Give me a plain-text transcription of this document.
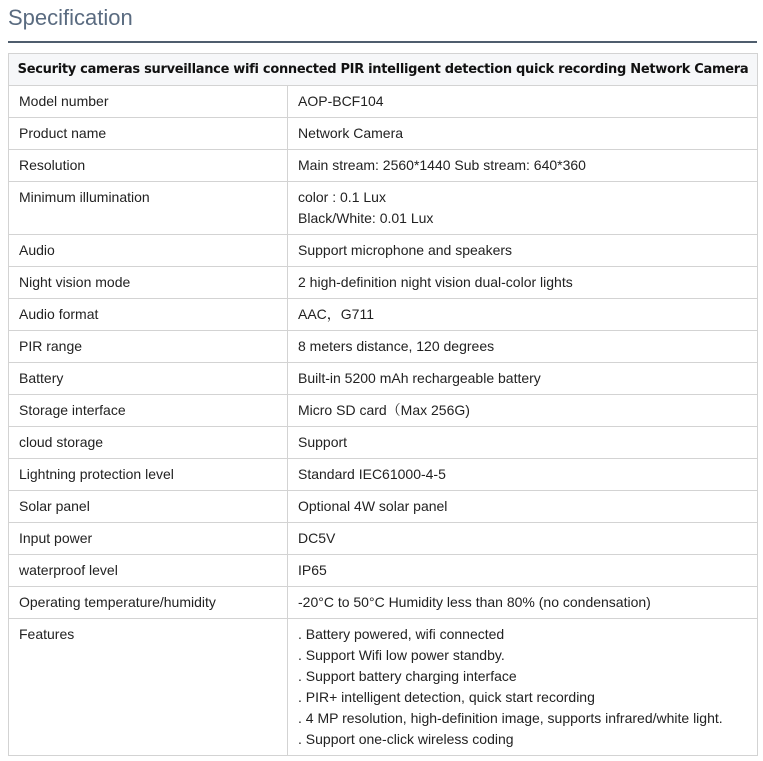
Specification
Security cameras surveillance wifi connected PIR intelligent detection quick recording Network Camera	
Model number	AOP-BCF104

Product name	Network Camera

Resolution	Main stream: 2560*1440 Sub stream: 640*360

Minimum illumination	color : 0.1 Lux
Black/White: 0.01 Lux

Audio	Support microphone and speakers

Night vision mode	2 high-definition night vision dual-color lights

Audio format	AAC，G711

PIR range	8 meters distance, 120 degrees

Battery	Built-in 5200 mAh rechargeable battery

Storage interface	Micro SD card（Max 256G)

cloud storage	Support

Lightning protection level	Standard IEC61000-4-5

Solar panel	Optional 4W solar panel

Input power	DC5V

waterproof level	IP65

Operating temperature/humidity	-20°C to 50°C Humidity less than 80% (no condensation)

Features	. Battery powered, wifi connected
. Support Wifi low power standby.
. Support battery charging interface
. PIR+ intelligent detection, quick start recording
. 4 MP resolution, high-definition image, supports infrared/white light.
. Support one-click wireless coding
